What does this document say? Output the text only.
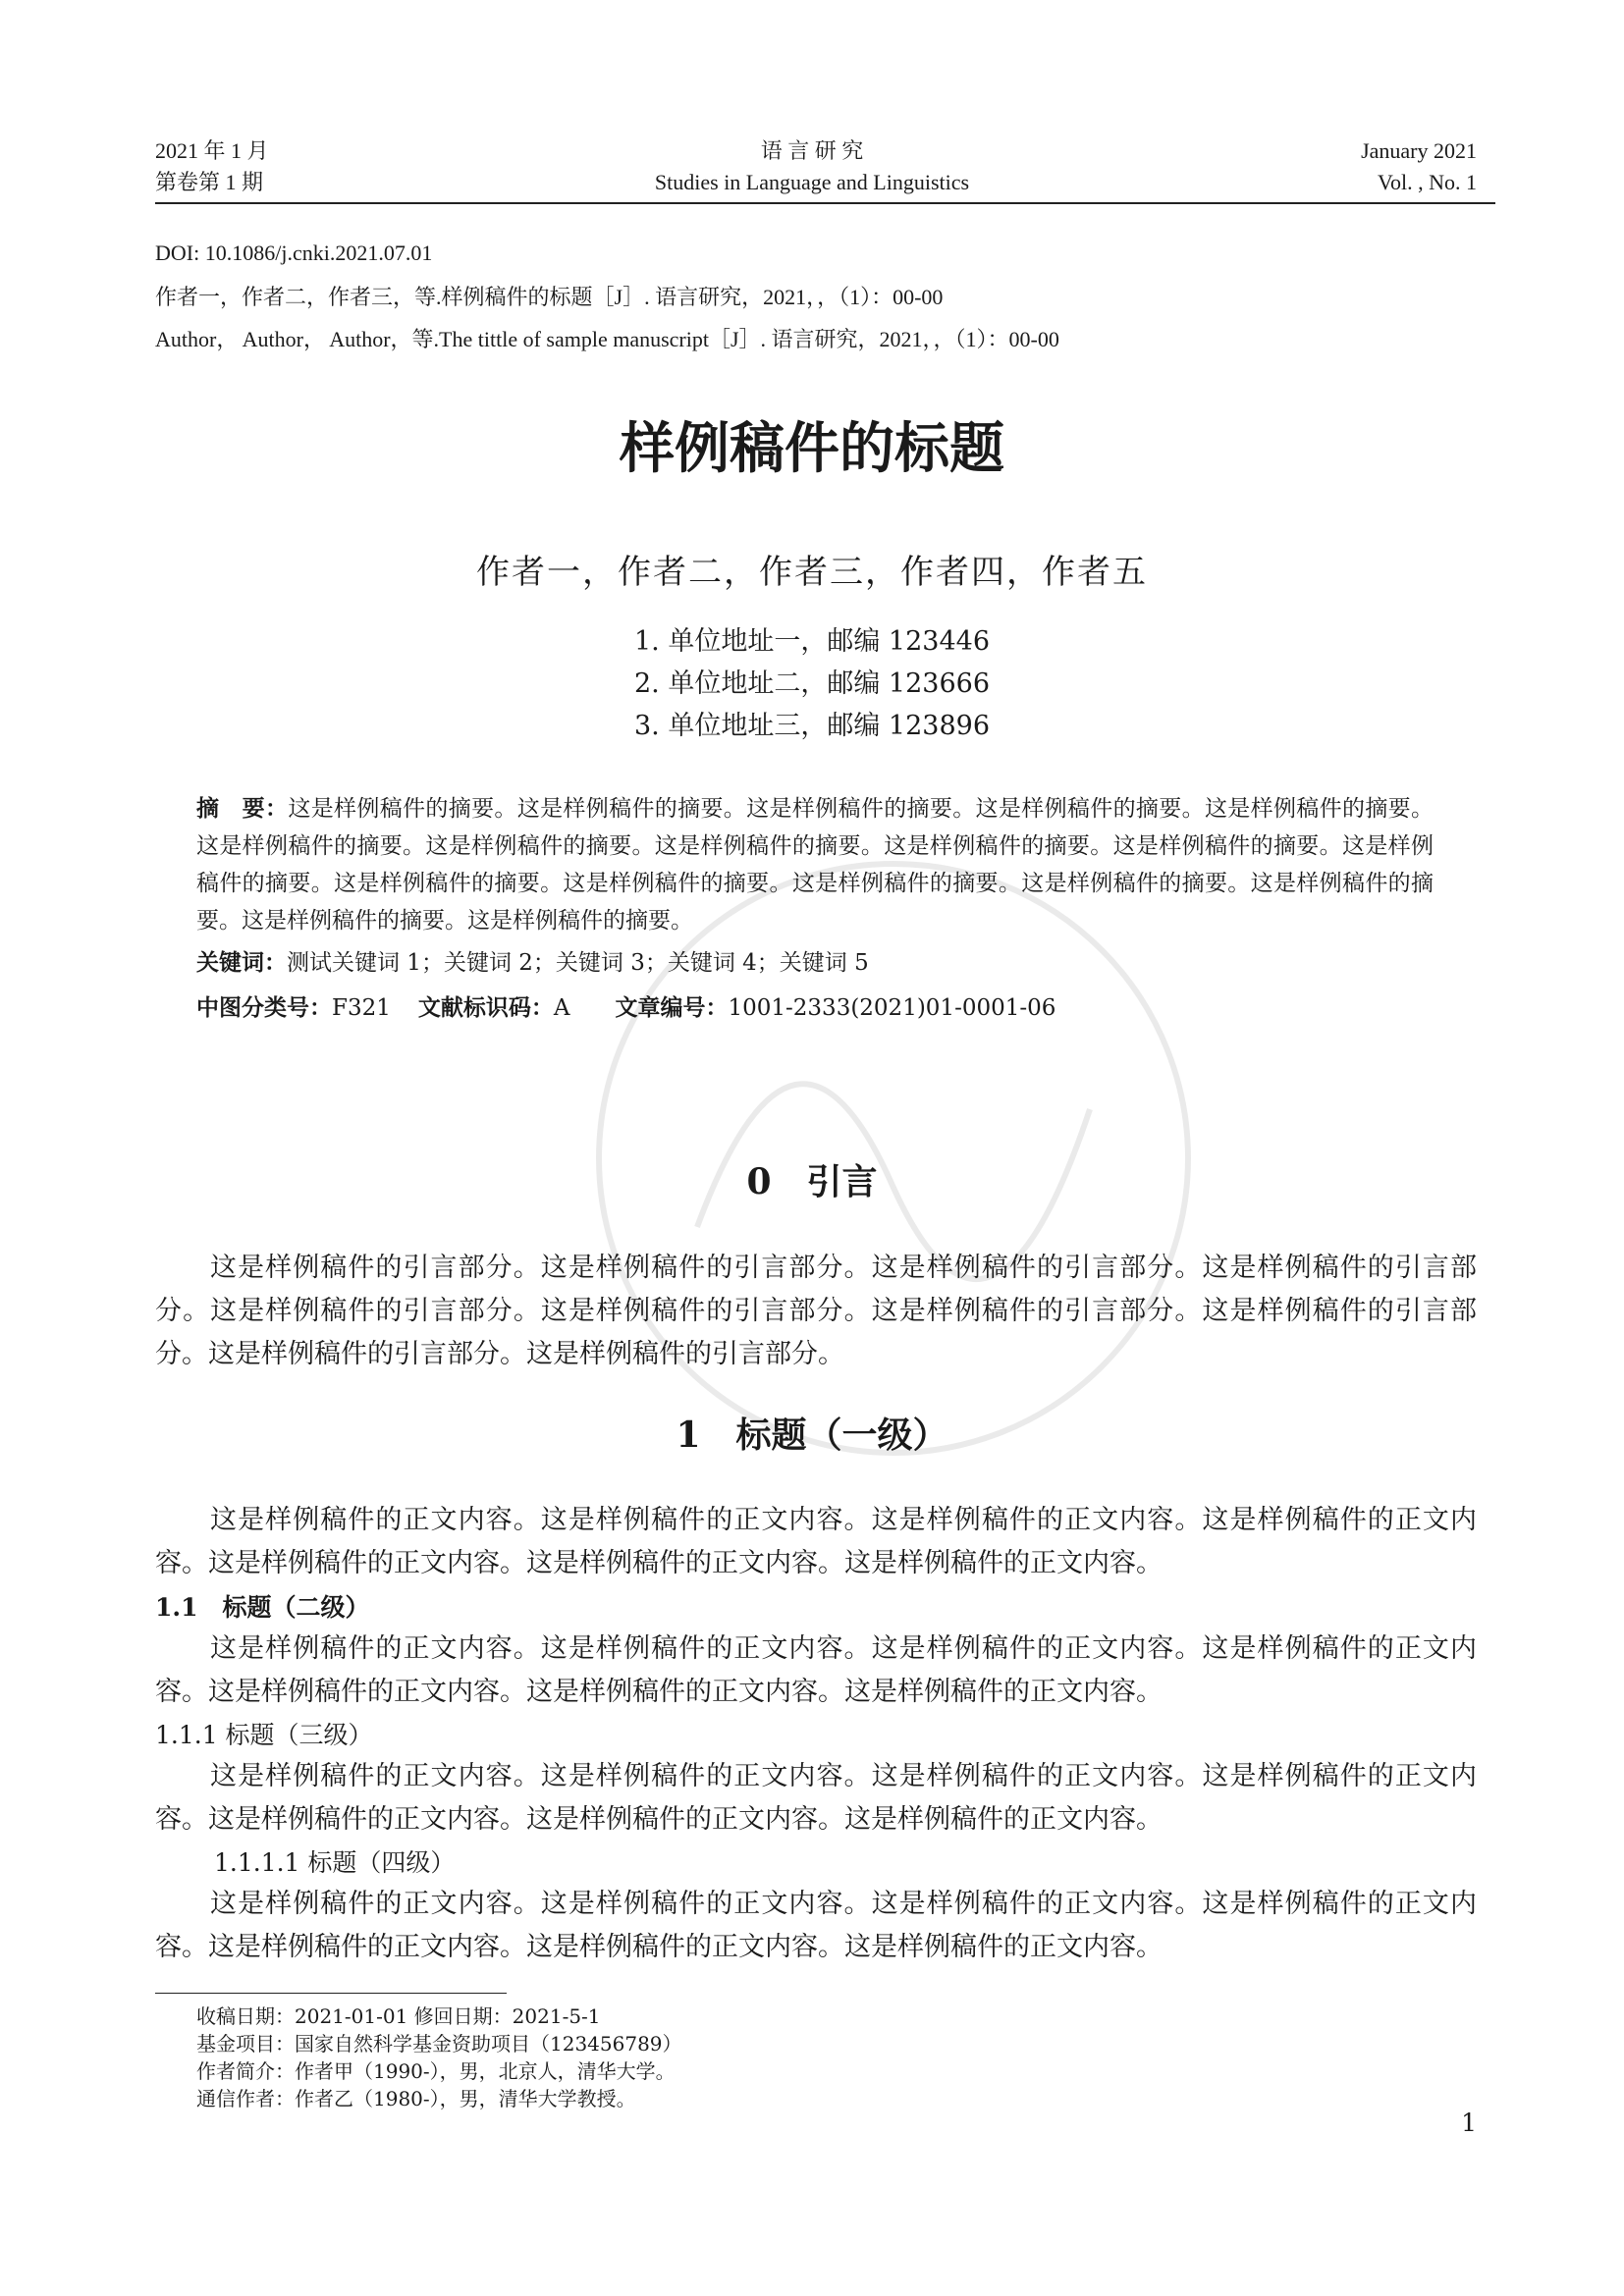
2021 年 1 月
第卷第 1 期
语 言 研 究
Studies in Language and Linguistics
January 2021
Vol. , No. 1
DOI: 10.1086/j.cnki.2021.07.01
作者一，作者二，作者三，等.样例稿件的标题［J］. 语言研究，2021，，（1）：00-00
Author， Author， Author，等.The tittle of sample manuscript［J］. 语言研究，2021，，（1）：00-00
样例稿件的标题
作者一，作者二，作者三，作者四，作者五
1. 单位地址一，邮编 123446
2. 单位地址二，邮编 123666
3. 单位地址三，邮编 123896
摘　要：这是样例稿件的摘要。这是样例稿件的摘要。这是样例稿件的摘要。这是样例稿件的摘要。这是样例稿件的摘要。这是样例稿件的摘要。这是样例稿件的摘要。这是样例稿件的摘要。这是样例稿件的摘要。这是样例稿件的摘要。这是样例稿件的摘要。这是样例稿件的摘要。这是样例稿件的摘要。这是样例稿件的摘要。这是样例稿件的摘要。这是样例稿件的摘要。这是样例稿件的摘要。这是样例稿件的摘要。
关键词：测试关键词 1；关键词 2；关键词 3；关键词 4；关键词 5
中图分类号：F321 文献标识码：A 文章编号：1001-2333(2021)01-0001-06
0　引言
这是样例稿件的引言部分。这是样例稿件的引言部分。这是样例稿件的引言部分。这是样例稿件的引言部分。这是样例稿件的引言部分。这是样例稿件的引言部分。这是样例稿件的引言部分。这是样例稿件的引言部分。这是样例稿件的引言部分。这是样例稿件的引言部分。
1　标题（一级）
这是样例稿件的正文内容。这是样例稿件的正文内容。这是样例稿件的正文内容。这是样例稿件的正文内容。这是样例稿件的正文内容。这是样例稿件的正文内容。这是样例稿件的正文内容。
1.1　标题（二级）
这是样例稿件的正文内容。这是样例稿件的正文内容。这是样例稿件的正文内容。这是样例稿件的正文内容。这是样例稿件的正文内容。这是样例稿件的正文内容。这是样例稿件的正文内容。
1.1.1 标题（三级）
这是样例稿件的正文内容。这是样例稿件的正文内容。这是样例稿件的正文内容。这是样例稿件的正文内容。这是样例稿件的正文内容。这是样例稿件的正文内容。这是样例稿件的正文内容。
1.1.1.1 标题（四级）
这是样例稿件的正文内容。这是样例稿件的正文内容。这是样例稿件的正文内容。这是样例稿件的正文内容。这是样例稿件的正文内容。这是样例稿件的正文内容。这是样例稿件的正文内容。
收稿日期：2021-01-01 修回日期：2021-5-1
基金项目：国家自然科学基金资助项目（123456789）
作者简介：作者甲（1990-），男，北京人，清华大学。
通信作者：作者乙（1980-），男，清华大学教授。
1
